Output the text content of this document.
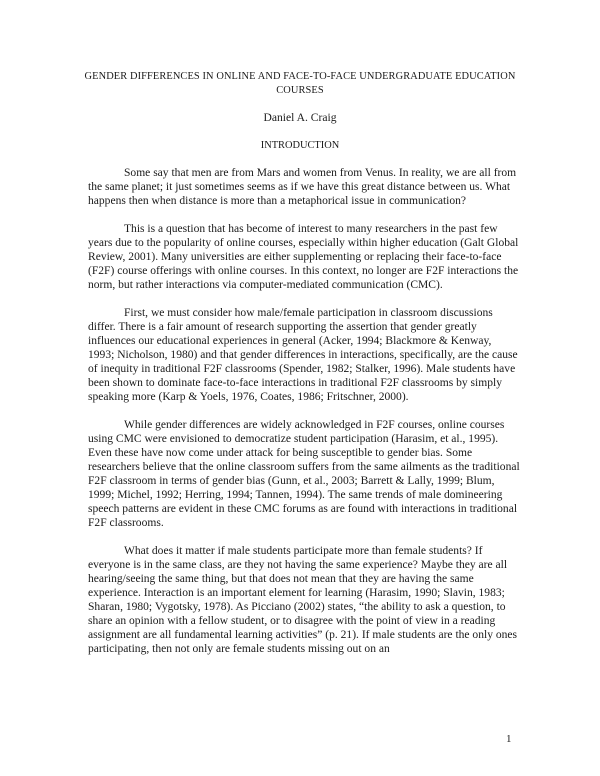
GENDER DIFFERENCES IN ONLINE AND FACE-TO-FACE UNDERGRADUATE EDUCATION COURSES
Daniel A. Craig
INTRODUCTION

Some say that men are from Mars and women from Venus. In reality, we are all from the same planet; it just sometimes seems as if we have this great distance between us. What happens then when distance is more than a metaphorical issue in communication?

This is a question that has become of interest to many researchers in the past few years due to the popularity of online courses, especially within higher education (Galt Global Review, 2001). Many universities are either supplementing or replacing their face-to-face (F2F) course offerings with online courses. In this context, no longer are F2F interactions the norm, but rather interactions via computer-mediated communication (CMC).

First, we must consider how male/female participation in classroom discussions differ. There is a fair amount of research supporting the assertion that gender greatly influences our educational experiences in general (Acker, 1994; Blackmore & Kenway, 1993; Nicholson, 1980) and that gender differences in interactions, specifically, are the cause of inequity in traditional F2F classrooms (Spender, 1982; Stalker, 1996). Male students have been shown to dominate face-to-face interactions in traditional F2F classrooms by simply speaking more (Karp & Yoels, 1976, Coates, 1986; Fritschner, 2000).

While gender differences are widely acknowledged in F2F courses, online courses using CMC were envisioned to democratize student participation (Harasim, et al., 1995). Even these have now come under attack for being susceptible to gender bias. Some researchers believe that the online classroom suffers from the same ailments as the traditional F2F classroom in terms of gender bias (Gunn, et al., 2003; Barrett & Lally, 1999; Blum, 1999; Michel, 1992; Herring, 1994; Tannen, 1994). The same trends of male domineering speech patterns are evident in these CMC forums as are found with interactions in traditional F2F classrooms.

What does it matter if male students participate more than female students? If everyone is in the same class, are they not having the same experience? Maybe they are all hearing/seeing the same thing, but that does not mean that they are having the same experience. Interaction is an important element for learning (Harasim, 1990; Slavin, 1983; Sharan, 1980; Vygotsky, 1978). As Picciano (2002) states, “the ability to ask a question, to share an opinion with a fellow student, or to disagree with the point of view in a reading assignment are all fundamental learning activities” (p. 21). If male students are the only ones participating, then not only are female students missing out on an

1
